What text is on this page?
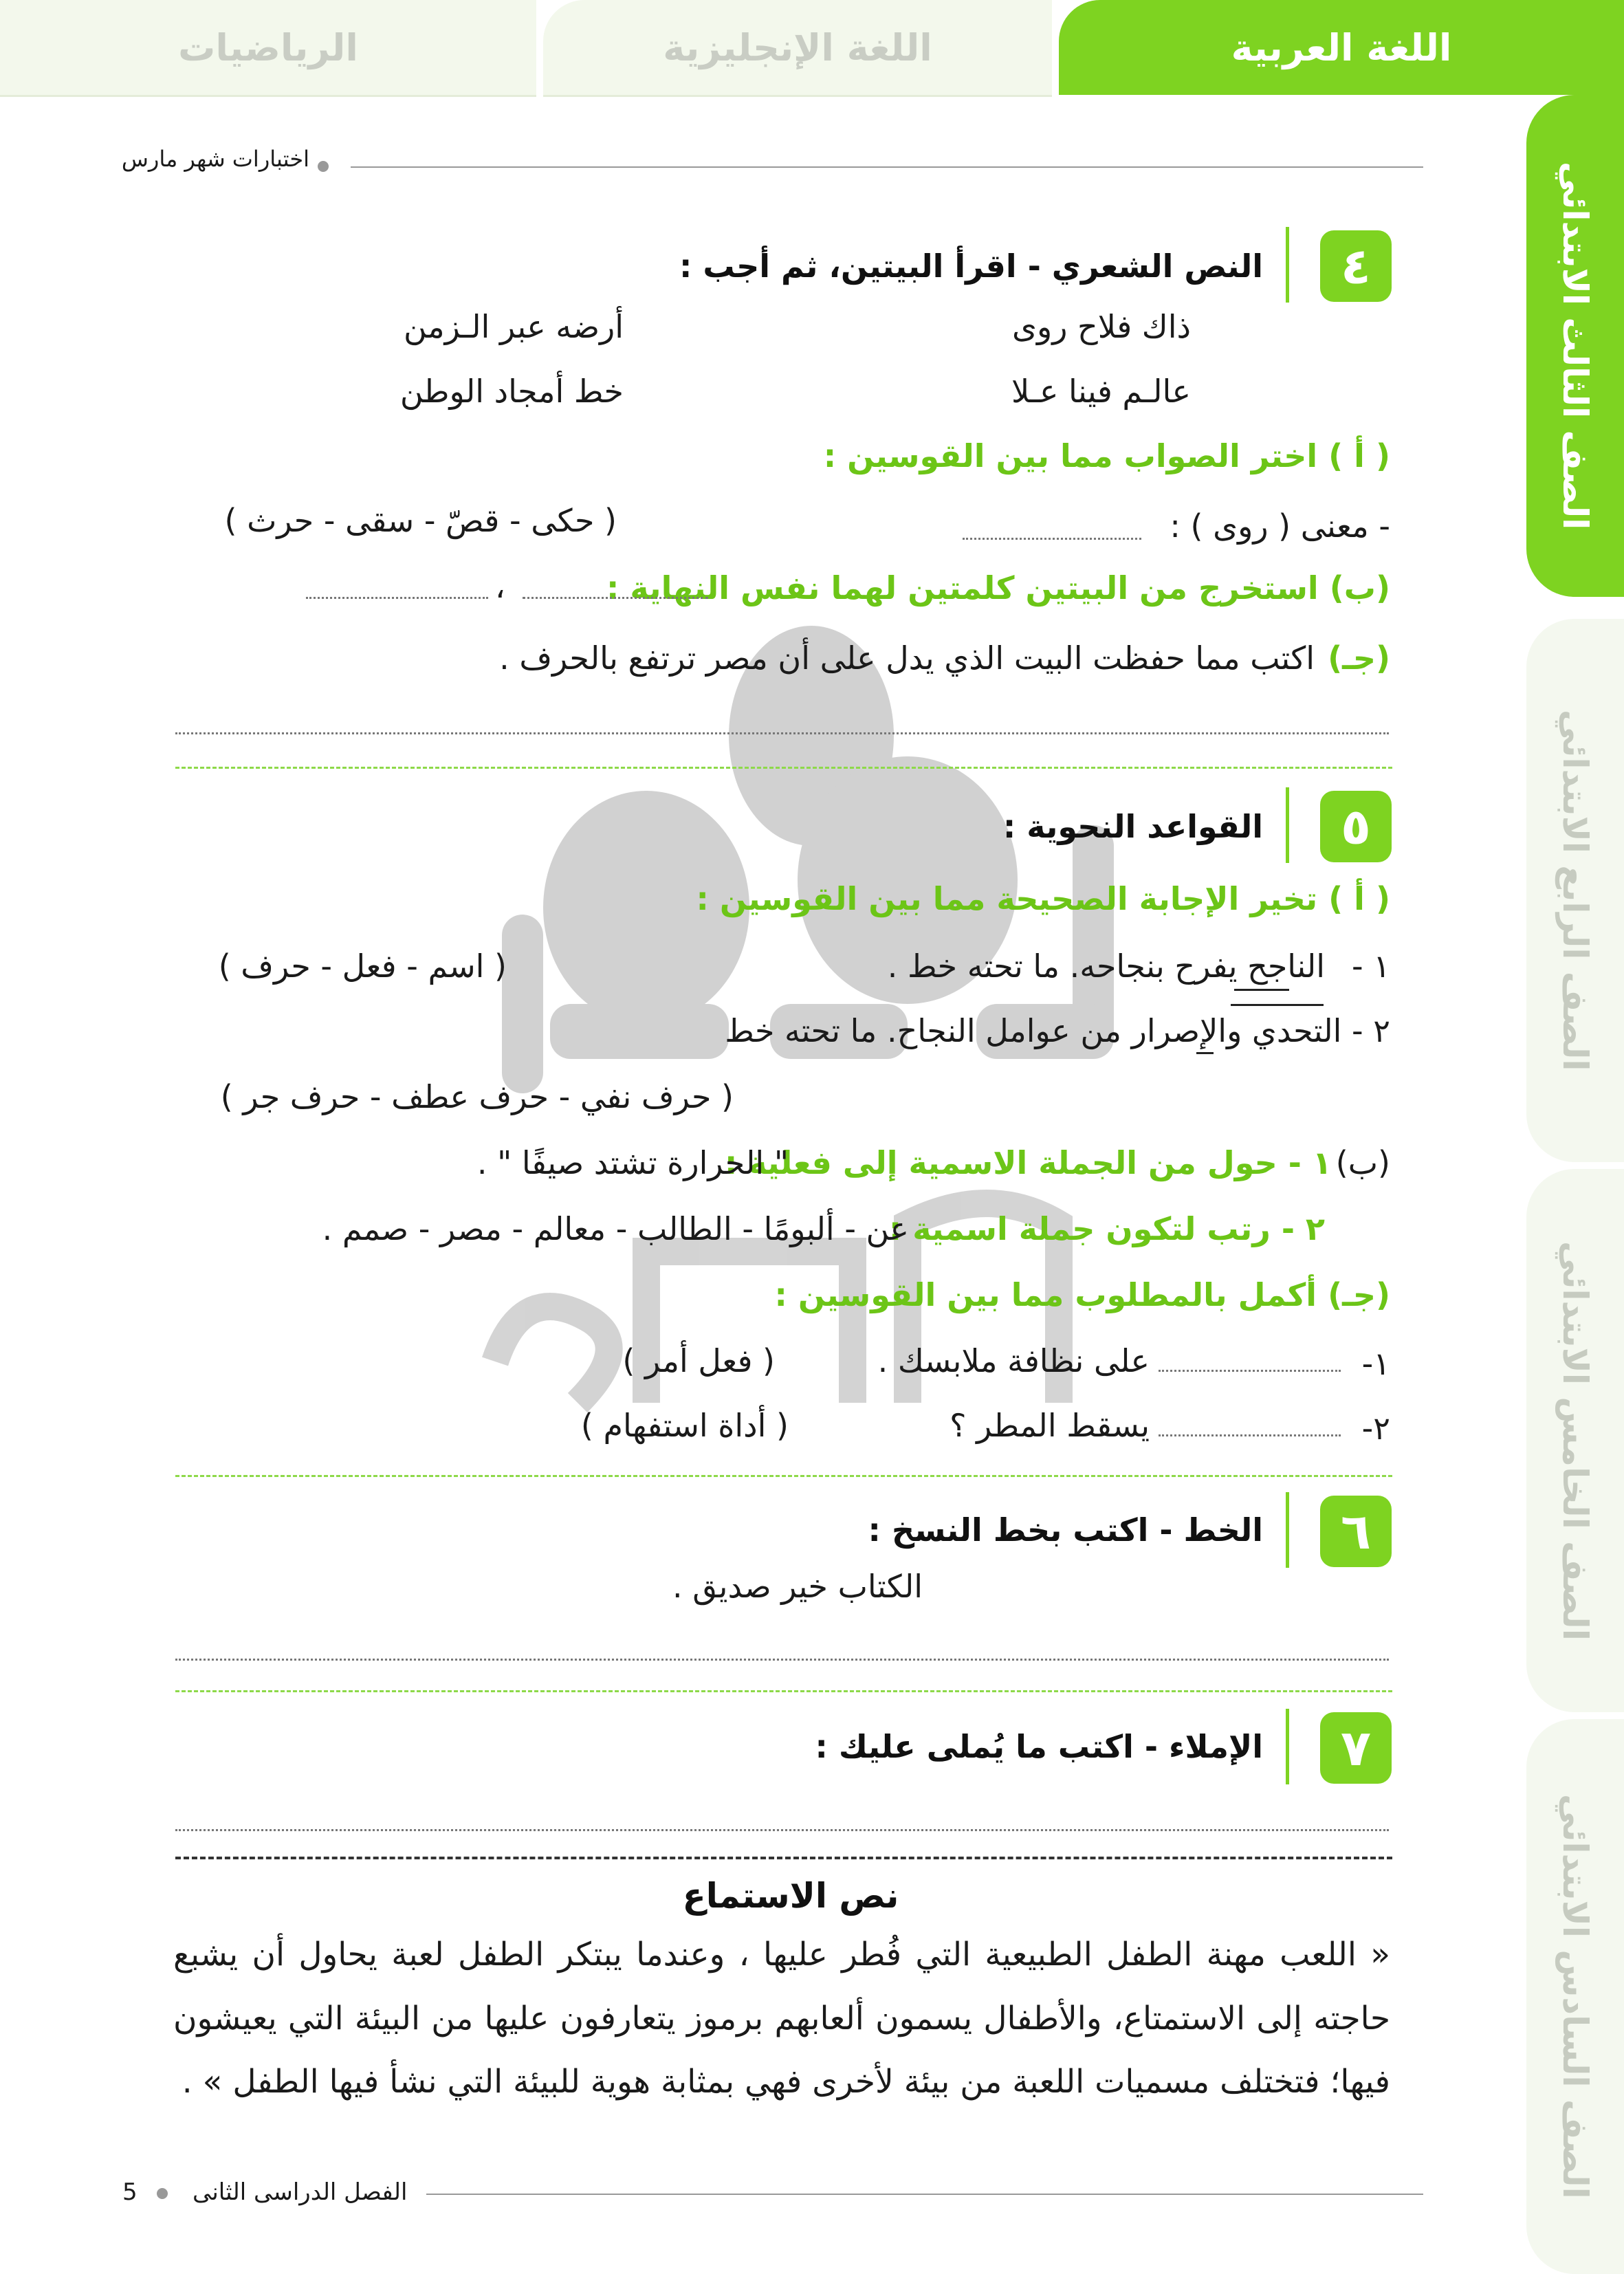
الرياضيات	اللغة الإنجليزية	اللغة العربية
الصف الثالث الابتدائي
الصف الرابع الابتدائي
الصف الخامس الابتدائي
الصف السادس الابتدائي
اختبارات شهر مارس
٤
النص الشعري - اقرأ البيتين، ثم أجب :
ذاك فلاح روى
أرضه عبر الـزمن
عالـم فينا عـلا
خط أمجاد الوطن
( أ ) اختر الصواب مما بين القوسين :
- معنى ( روى ) :
( حكى - قصّ - سقى - حرث )
(ب) استخرج من البيتين كلمتين لهما نفس النهاية :
،
(جـ)
اكتب مما حفظت البيت الذي يدل على أن مصر ترتفع بالحرف .
٥
القواعد النحوية :
( أ ) تخير الإجابة الصحيحة مما بين القوسين :
١ -
الناجح يفرح بنجاحه. ما تحته خط .
( اسم - فعل - حرف )
٢ - التحدي والإصرار من عوامل النجاح. ما تحته خط
( حرف نفي - حرف عطف - حرف جر )
(ب)
١ - حول من الجملة الاسمية إلى فعلية :
" الحرارة تشتد صيفًا " .
٢ - رتب لتكون جملة اسمية :
عن - ألبومًا - الطالب - معالم - مصر - صمم .
(جـ) أكمل بالمطلوب مما بين القوسين :
١-
على نظافة ملابسك .
( فعل أمر )
٢-
يسقط المطر ؟
( أداة استفهام )
٦
الخط - اكتب بخط النسخ :
الكتاب خير صديق .
٧
الإملاء - اكتب ما يُملى عليك :
نص الاستماع
« اللعب مهنة الطفل الطبيعية التي فُطر عليها ، وعندما يبتكر الطفل لعبة يحاول أن يشبع
حاجته إلى الاستمتاع، والأطفال يسمون ألعابهم برموز يتعارفون عليها من البيئة التي يعيشون
فيها؛ فتختلف مسميات اللعبة من بيئة لأخرى فهي بمثابة هوية للبيئة التي نشأ فيها الطفل » .
الفصل الدراسى الثانى
5
